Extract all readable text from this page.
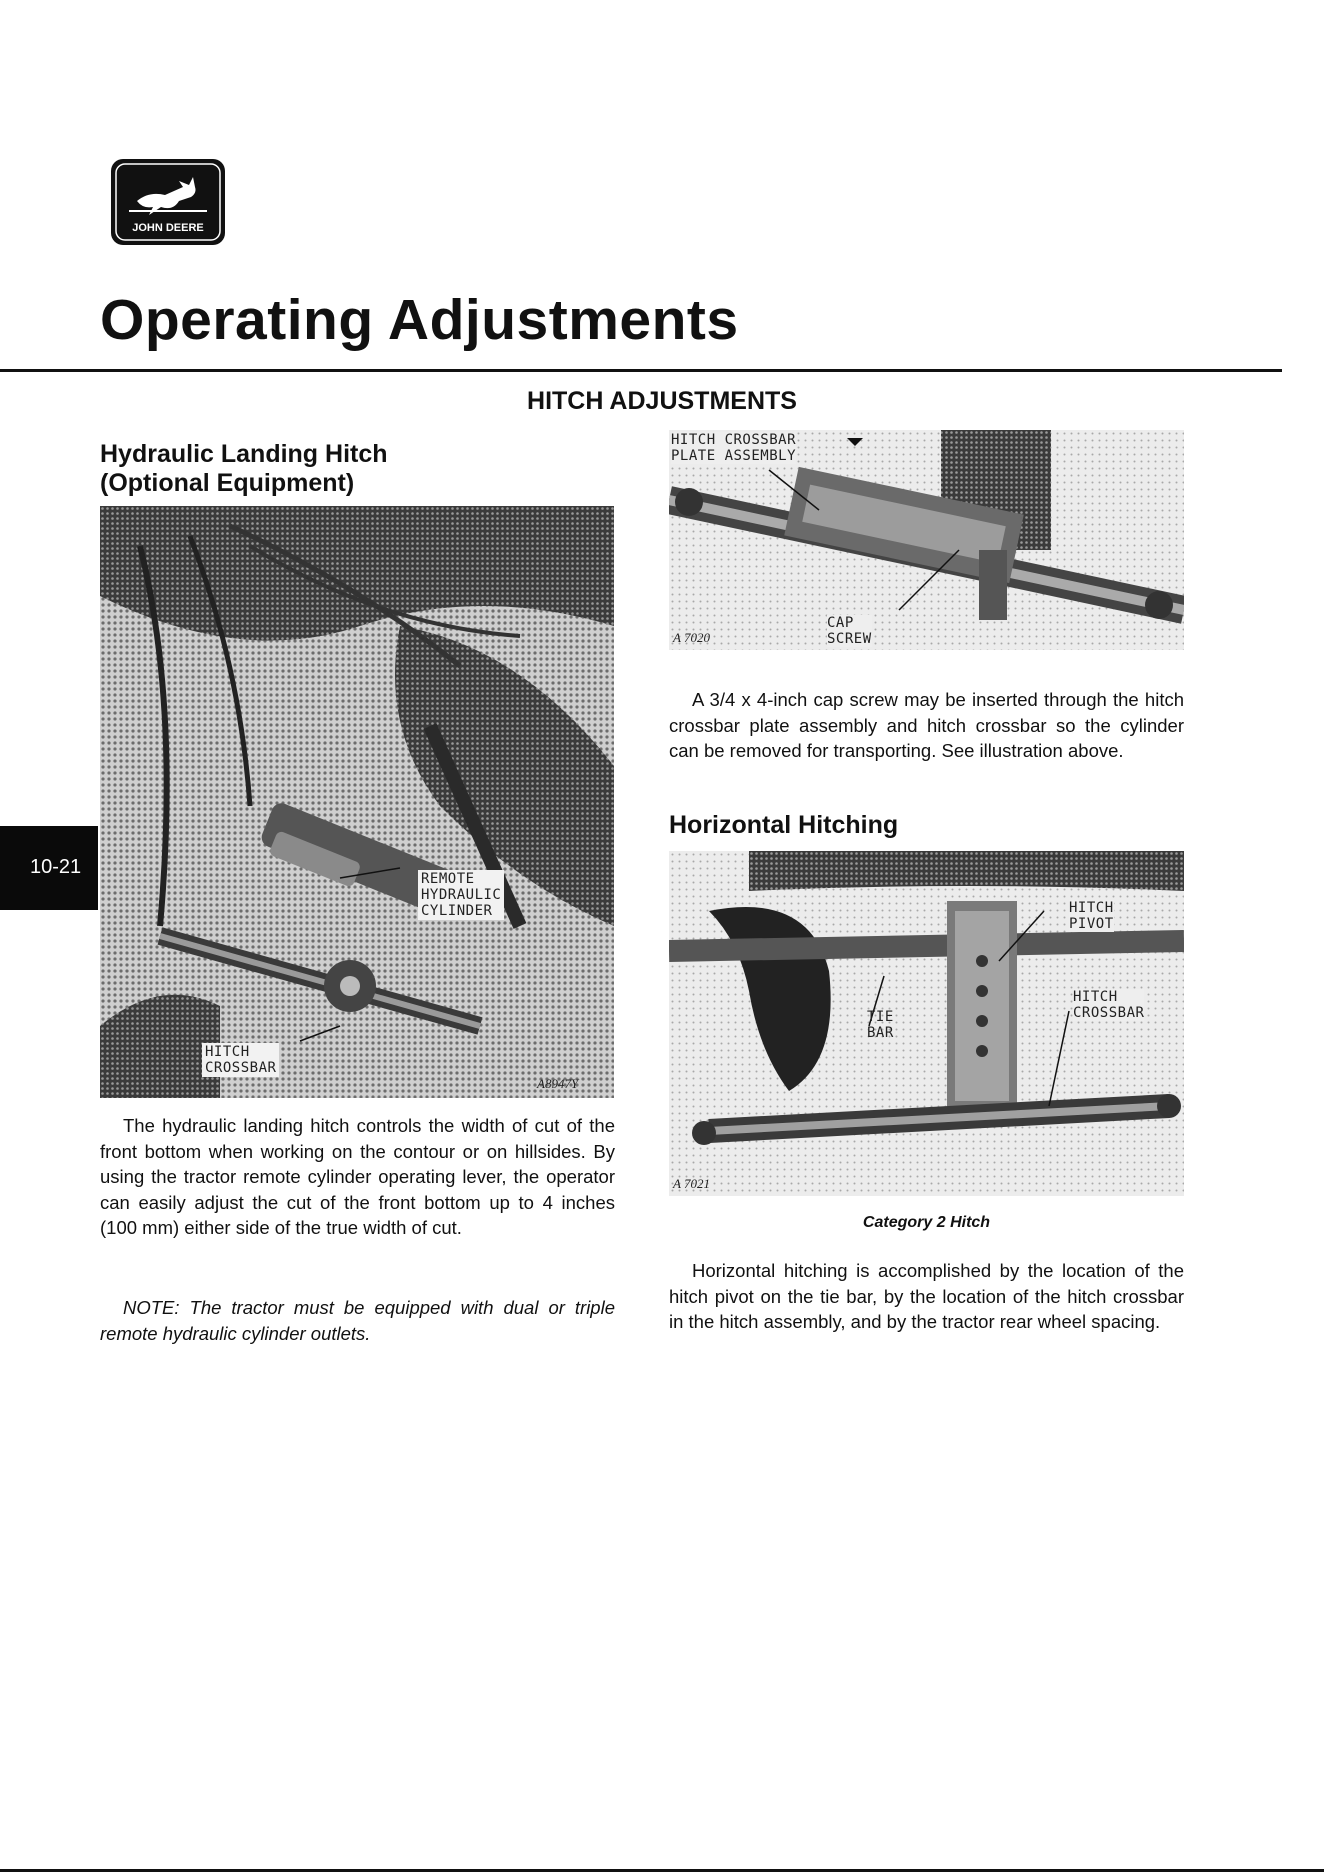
JOHN DEERE
Operating Adjustments
HITCH ADJUSTMENTS
Hydraulic Landing Hitch
(Optional Equipment)
REMOTE
HYDRAULIC
CYLINDER
HITCH
CROSSBAR
A8947Y

The hydraulic landing hitch controls the width of cut of the front bottom when working on the contour or on hillsides. By using the tractor remote cylinder operating lever, the operator can easily adjust the cut of the front bottom up to 4 inches (100 mm) either side of the true width of cut.

NOTE: The tractor must be equipped with dual or triple remote hydraulic cylinder outlets.

HITCH CROSSBAR
PLATE ASSEMBLY
CAP
SCREW
A 7020

A 3/4 x 4-inch cap screw may be inserted through the hitch crossbar plate assembly and hitch crossbar so the cylinder can be removed for transporting. See illustration above.

Horizontal Hitching
HITCH
PIVOT
HITCH
CROSSBAR
TIE
BAR
A 7021

Category 2 Hitch

Horizontal hitching is accomplished by the location of the hitch pivot on the tie bar, by the location of the hitch crossbar in the hitch assembly, and by the tractor rear wheel spacing.

10-21
